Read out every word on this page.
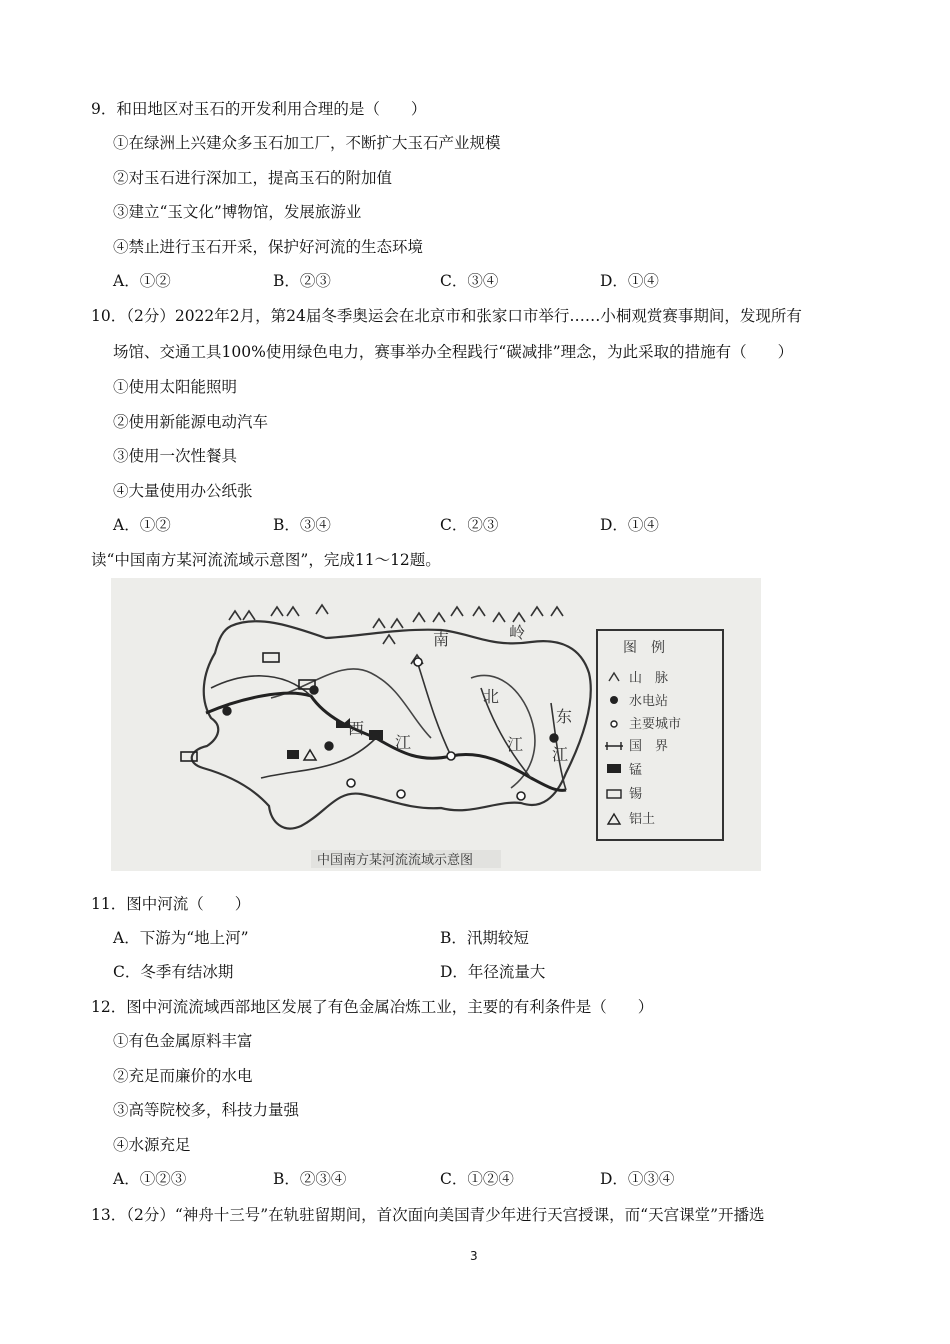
9．和田地区对玉石的开发利用合理的是（　　）
①在绿洲上兴建众多玉石加工厂，不断扩大玉石产业规模
②对玉石进行深加工，提高玉石的附加值
③建立“玉文化”博物馆，发展旅游业
④禁止进行玉石开采，保护好河流的生态环境
A．①②	B．②③	C．③④	D．①④
10．（2分）2022年2月，第24届冬季奥运会在北京市和张家口市举行……小桐观赏赛事期间，发现所有
场馆、交通工具100%使用绿色电力，赛事举办全程践行“碳减排”理念，为此采取的措施有（　　）
①使用太阳能照明
②使用新能源电动汽车
③使用一次性餐具
④大量使用办公纸张
A．①②	B．③④	C．②③	D．①④
读“中国南方某河流流域示意图”，完成11～12题。
南	岭
西
江
北
江
东
江
图　例
山　脉
水电站
主要城市
国　界
锰
锡
铝土
中国南方某河流流域示意图
11．图中河流（　　）
A．下游为“地上河”	B．汛期较短
C．冬季有结冰期	D．年径流量大
12．图中河流流域西部地区发展了有色金属冶炼工业，主要的有利条件是（　　）
①有色金属原料丰富
②充足而廉价的水电
③高等院校多，科技力量强
④水源充足
A．①②③	B．②③④	C．①②④	D．①③④
13．（2分）“神舟十三号”在轨驻留期间，首次面向美国青少年进行天宫授课，而“天宫课堂”开播选
3
